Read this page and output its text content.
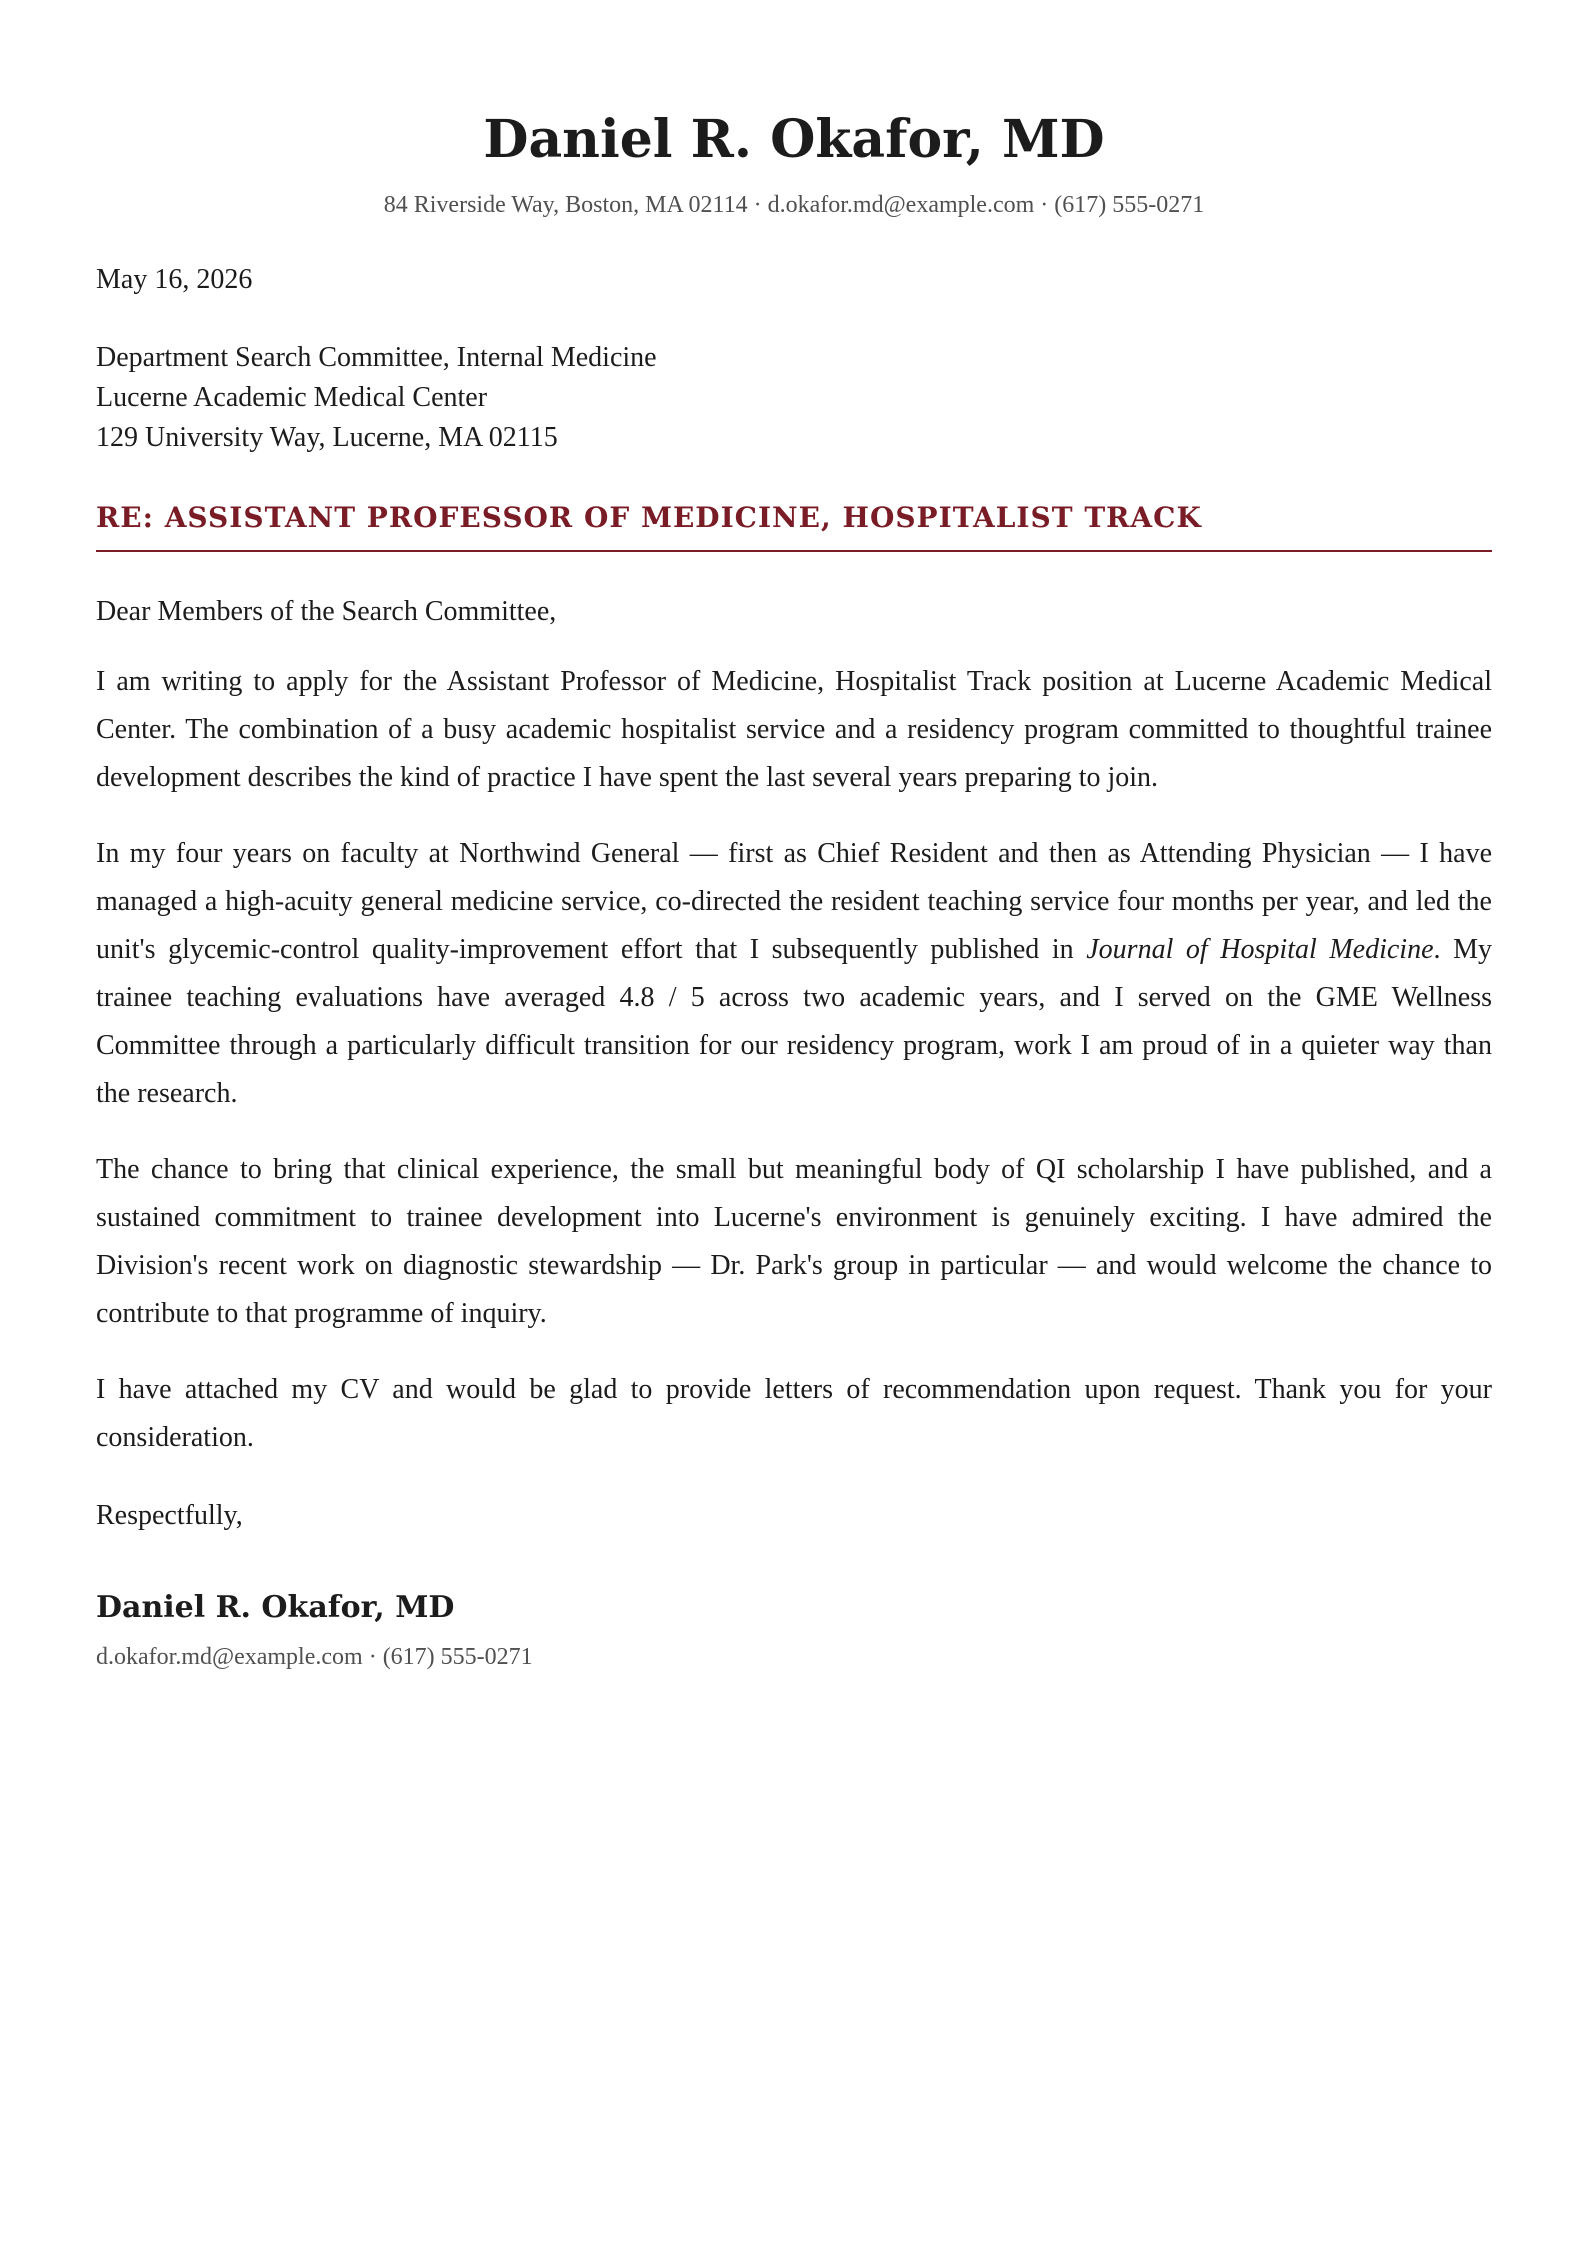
Daniel R. Okafor, MD
84 Riverside Way, Boston, MA 02114 · d.okafor.md@example.com · (617) 555-0271
May 16, 2026
Department Search Committee, Internal Medicine
Lucerne Academic Medical Center
129 University Way, Lucerne, MA 02115
RE: ASSISTANT PROFESSOR OF MEDICINE, HOSPITALIST TRACK
Dear Members of the Search Committee,

I am writing to apply for the Assistant Professor of Medicine, Hospitalist Track position at Lucerne Academic Medical Center. The combination of a busy academic hospitalist service and a residency program committed to thoughtful trainee development describes the kind of practice I have spent the last several years preparing to join.

In my four years on faculty at Northwind General — first as Chief Resident and then as Attending Physician — I have managed a high-acuity general medicine service, co-directed the resident teaching service four months per year, and led the unit's glycemic-control quality-improvement effort that I subsequently published in Journal of Hospital Medicine. My trainee teaching evaluations have averaged 4.8 / 5 across two academic years, and I served on the GME Wellness Committee through a particularly difficult transition for our residency program, work I am proud of in a quieter way than the research.

The chance to bring that clinical experience, the small but meaningful body of QI scholarship I have published, and a sustained commitment to trainee development into Lucerne's environment is genuinely exciting. I have admired the Division's recent work on diagnostic stewardship — Dr. Park's group in particular — and would welcome the chance to contribute to that programme of inquiry.

I have attached my CV and would be glad to provide letters of recommendation upon request. Thank you for your consideration.

Respectfully,
Daniel R. Okafor, MD
d.okafor.md@example.com · (617) 555-0271
